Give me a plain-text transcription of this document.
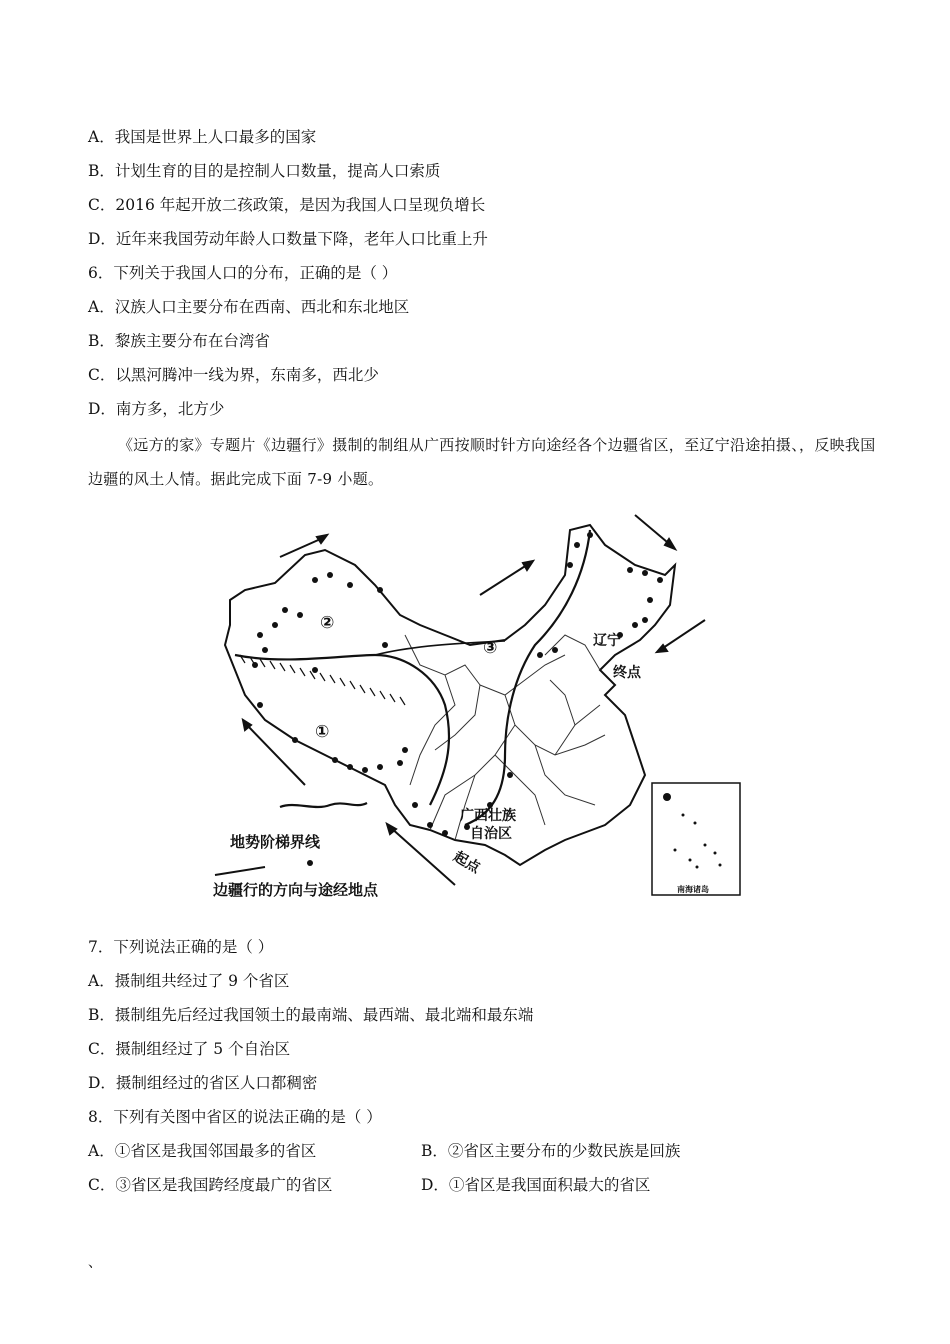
A．我国是世界上人口最多的国家
B．计划生育的目的是控制人口数量，提高人口索质
C．2016 年起开放二孩政策，是因为我国人口呈现负增长
D．近年来我国劳动年龄人口数量下降，老年人口比重上升
6．下列关于我国人口的分布，正确的是（ ）
A．汉族人口主要分布在西南、西北和东北地区
B．黎族主要分布在台湾省
C．以黑河腾冲一线为界，东南多，西北少
D．南方多，北方少
《远方的家》专题片《边疆行》摄制的制组从广西按顺时针方向途经各个边疆省区，至辽宁沿途拍摄、，反映我国边疆的风土人情。据此完成下面 7-9 小题。
②
①
③	辽宁
终点
广西壮族
自治区
起点
地势阶梯界线
边疆行的方向与途经地点	南海诸岛
7．下列说法正确的是（ ）
A．摄制组共经过了 9 个省区
B．摄制组先后经过我国领土的最南端、最西端、最北端和最东端
C．摄制组经过了 5 个自治区
D．摄制组经过的省区人口都稠密
8．下列有关图中省区的说法正确的是（ ）
A．①省区是我国邻国最多的省区	B．②省区主要分布的少数民族是回族
C．③省区是我国跨经度最广的省区	D．①省区是我国面积最大的省区
、
